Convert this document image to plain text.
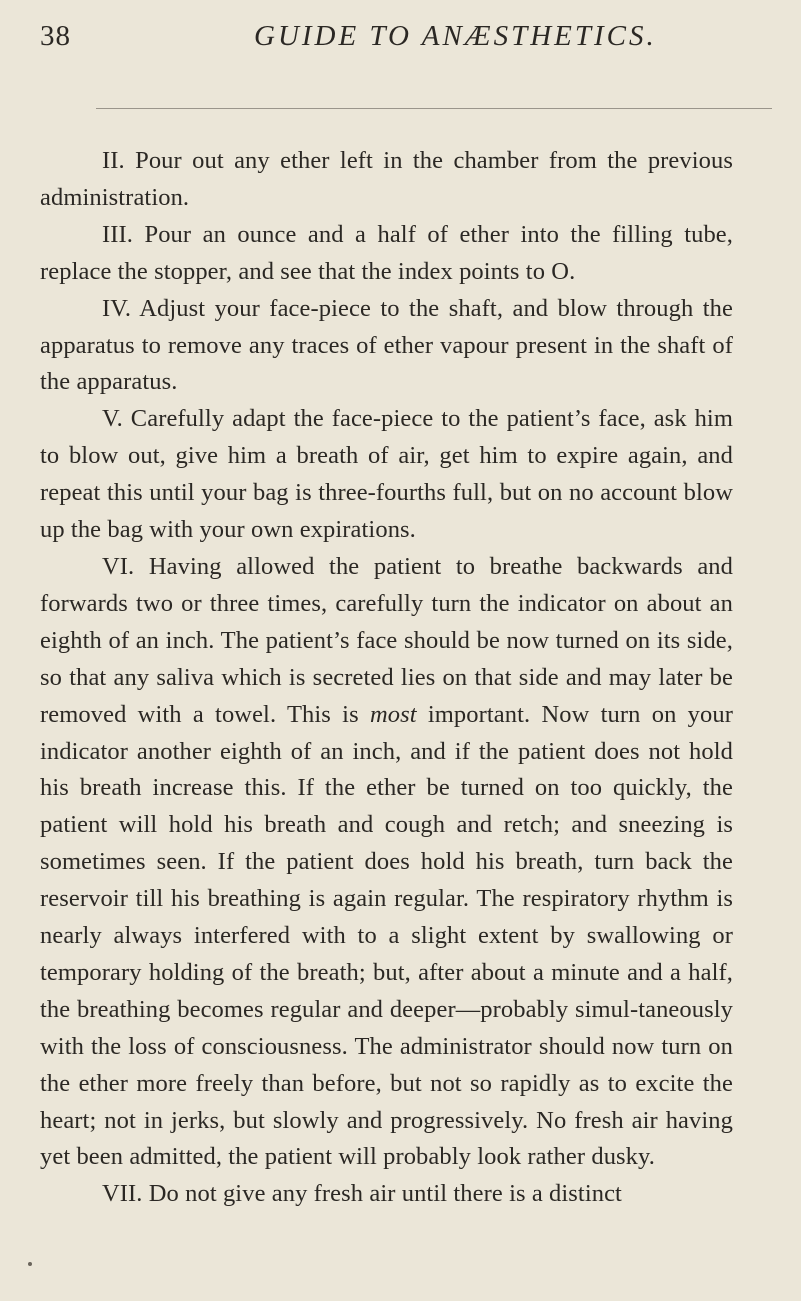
38	GUIDE TO ANÆSTHETICS.

II. Pour out any ether left in the chamber from the previous administration.

III. Pour an ounce and a half of ether into the filling tube, replace the stopper, and see that the index points to O.

IV. Adjust your face-piece to the shaft, and blow through the apparatus to remove any traces of ether vapour present in the shaft of the apparatus.

V. Carefully adapt the face-piece to the patient’s face, ask him to blow out, give him a breath of air, get him to expire again, and repeat this until your bag is three-fourths full, but on no account blow up the bag with your own expirations.

VI. Having allowed the patient to breathe backwards and forwards two or three times, carefully turn the indicator on about an eighth of an inch. The patient’s face should be now turned on its side, so that any saliva which is secreted lies on that side and may later be removed with a towel. This is most important. Now turn on your indicator another eighth of an inch, and if the patient does not hold his breath increase this. If the ether be turned on too quickly, the patient will hold his breath and cough and retch; and sneezing is sometimes seen. If the patient does hold his breath, turn back the reservoir till his breathing is again regular. The respiratory rhythm is nearly always interfered with to a slight extent by swallowing or temporary holding of the breath; but, after about a minute and a half, the breathing becomes regular and deeper—probably simul-taneously with the loss of consciousness. The administrator should now turn on the ether more freely than before, but not so rapidly as to excite the heart; not in jerks, but slowly and progressively. No fresh air having yet been admitted, the patient will probably look rather dusky.

VII. Do not give any fresh air until there is a distinct
